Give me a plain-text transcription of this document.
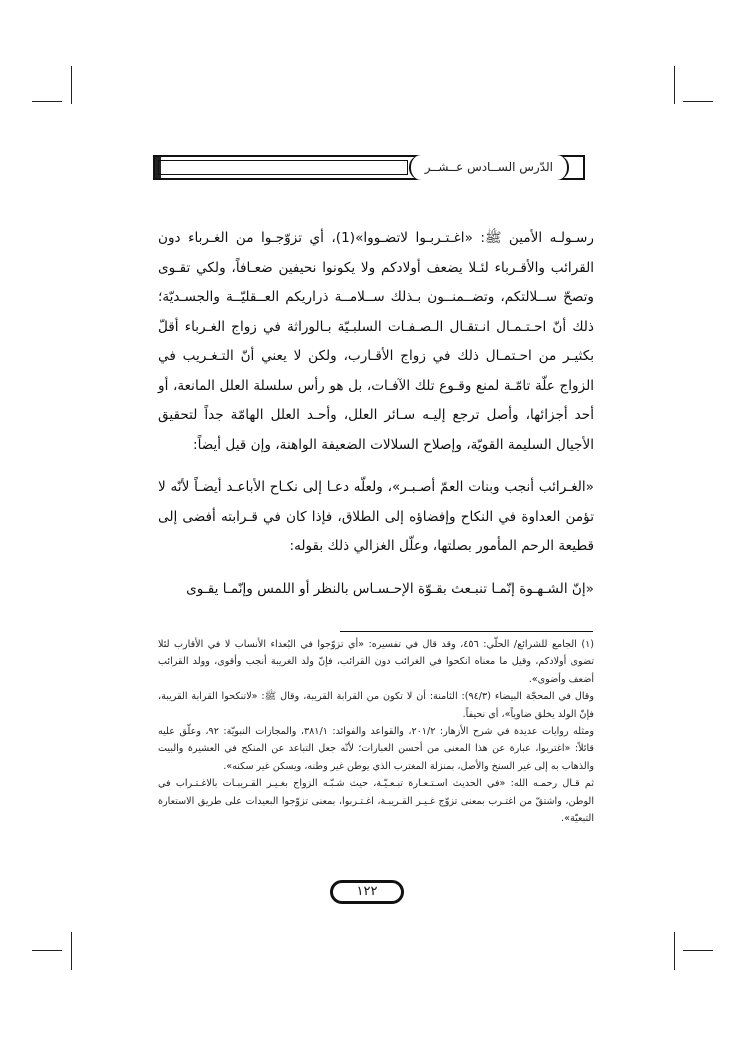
الدّرس الســادس عــشــر

رسـولـه الأمين ﷺ: «اغـتـربـوا لاتضـووا»(1)، أي تزوّجـوا من الغـرباء دون القرائب والأقـرباء لئـلا يضعف أولادكم ولا يكونوا نحيفين ضعـافاً، ولكي تقـوى وتصحّ ســلالتكم، وتضــمنــون بـذلك ســلامــة ذراريكم العــقليّــة والجسـديّة؛ ذلك أنّ احـتـمـال انـتقـال الـصـفـات السلبـيّة بـالوراثة في زواج الغـرباء أقلّ بكثيـر من احـتمـال ذلك في زواج الأقـارب، ولكن لا يعني أنّ التـغـريب في الزواج علّة تامّـة لمنع وقـوع تلك الآفـات، بل هو رأس سلسلة العلل المانعة، أو أحد أجزائها، وأصل ترجع إليـه سـائر العلل، وأحـد العلل الهامّة جداً لتحقيق الأجيال السليمة القويّة، وإصلاح السلالات الضعيفة الواهنة، وإن قيل أيضاً:

«الغـرائب أنجب وبنات العمّ أصـبـر»، ولعلّه دعـا إلى نكـاح الأباعـد أيضـاً لأنّه لا تؤمن العداوة في النكاح وإفضاؤه إلى الطلاق، فإذا كان في قـرابته أفضى إلى قطيعة الرحم المأمور بصلتها، وعلّل الغزالي ذلك بقوله:

«إنّ الشـهـوة إنّمـا تنبـعث بقـوّة الإحـسـاس بالنظر أو اللمس وإنّمـا يقـوى

(١) الجامع للشرائع/ الحلّي: ٤٥٦، وقد قال في تفسيره: «أي تزوّجوا في البُعداء الأنساب لا في الأقارب لئلا تضوى أولادكم، وقيل ما معناه انكحوا في الغرائب دون القرائب، فإنّ ولد الغريبة أنجب وأقوى، وولد القرائب أضعف وأضوى».

وقال في المحجّة البيضاء (٩٤/٣): الثامنة: أن لا تكون من القرابة القريبة، وقال ﷺ: «لاتنكحوا القرابة القريبة، فإنّ الولد يخلق ضاوياً»، أي نحيفاً.

ومثله روايات عديدة في شرح الأزهار: ٢٠١/٢، والقواعد والفوائد: ٣٨١/١، والمجازات النبويّة: ٩٢، وعلّق عليه قائلاً: «اغتربوا، عبارة عن هذا المعنى من أحسن العبارات؛ لأنّه جعل التباعد عن المنكح في العشيرة والبيت والذهاب به إلى غير السنخ والأصل، بمنزلة المغترب الذي يوطن غير وطنه، ويسكن غير سكنه».

ثم قـال رحمـه الله: «في الحديث اسـتـعـارة تبـعـيّـة، حيث شـبّـه الزواج بغـيـر القـريبـات بالاغـتـراب في الوطن، واشتقّ من اغتـرب بمعنى تزوّج غـيـر القـريبـة، اغـتـربوا، بمعنى تزوّجوا البعيدات على طريق الاستعارة التبعيّة».

١٢٢
